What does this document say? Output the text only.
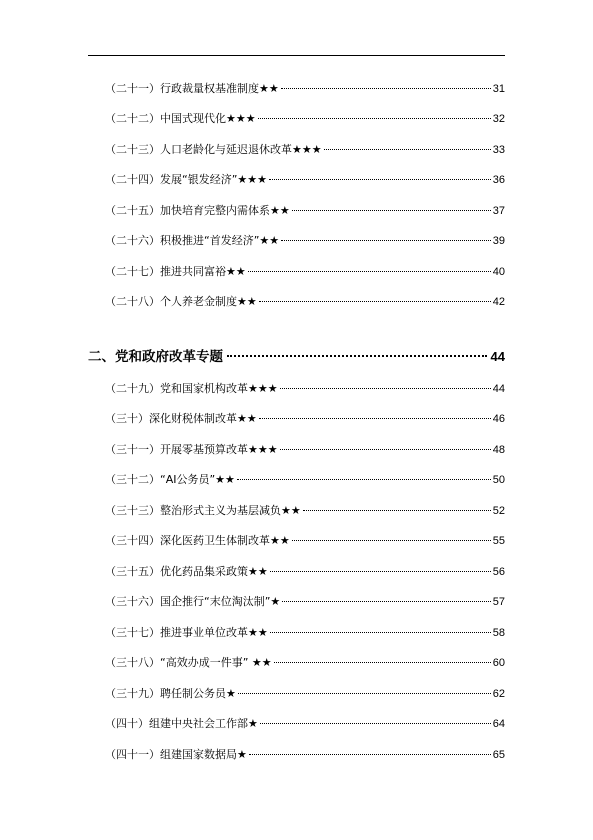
（二十一）行政裁量权基准制度★★	31
（二十二）中国式现代化★★★	32
（二十三）人口老龄化与延迟退休改革★★★	33
（二十四）发展“银发经济”★★★	36
（二十五）加快培育完整内需体系★★	37
（二十六）积极推进“首发经济”★★	39
（二十七）推进共同富裕★★	40
（二十八）个人养老金制度★★	42
二、党和政府改革专题	44
（二十九）党和国家机构改革★★★	44
（三十）深化财税体制改革★★	46
（三十一）开展零基预算改革★★★	48
（三十二）“AI公务员”★★	50
（三十三）整治形式主义为基层减负★★	52
（三十四）深化医药卫生体制改革★★	55
（三十五）优化药品集采政策★★	56
（三十六）国企推行“末位淘汰制”★	57
（三十七）推进事业单位改革★★	58
（三十八）“高效办成一件事” ★★	60
（三十九）聘任制公务员★	62
（四十）组建中央社会工作部★	64
（四十一）组建国家数据局★	65
